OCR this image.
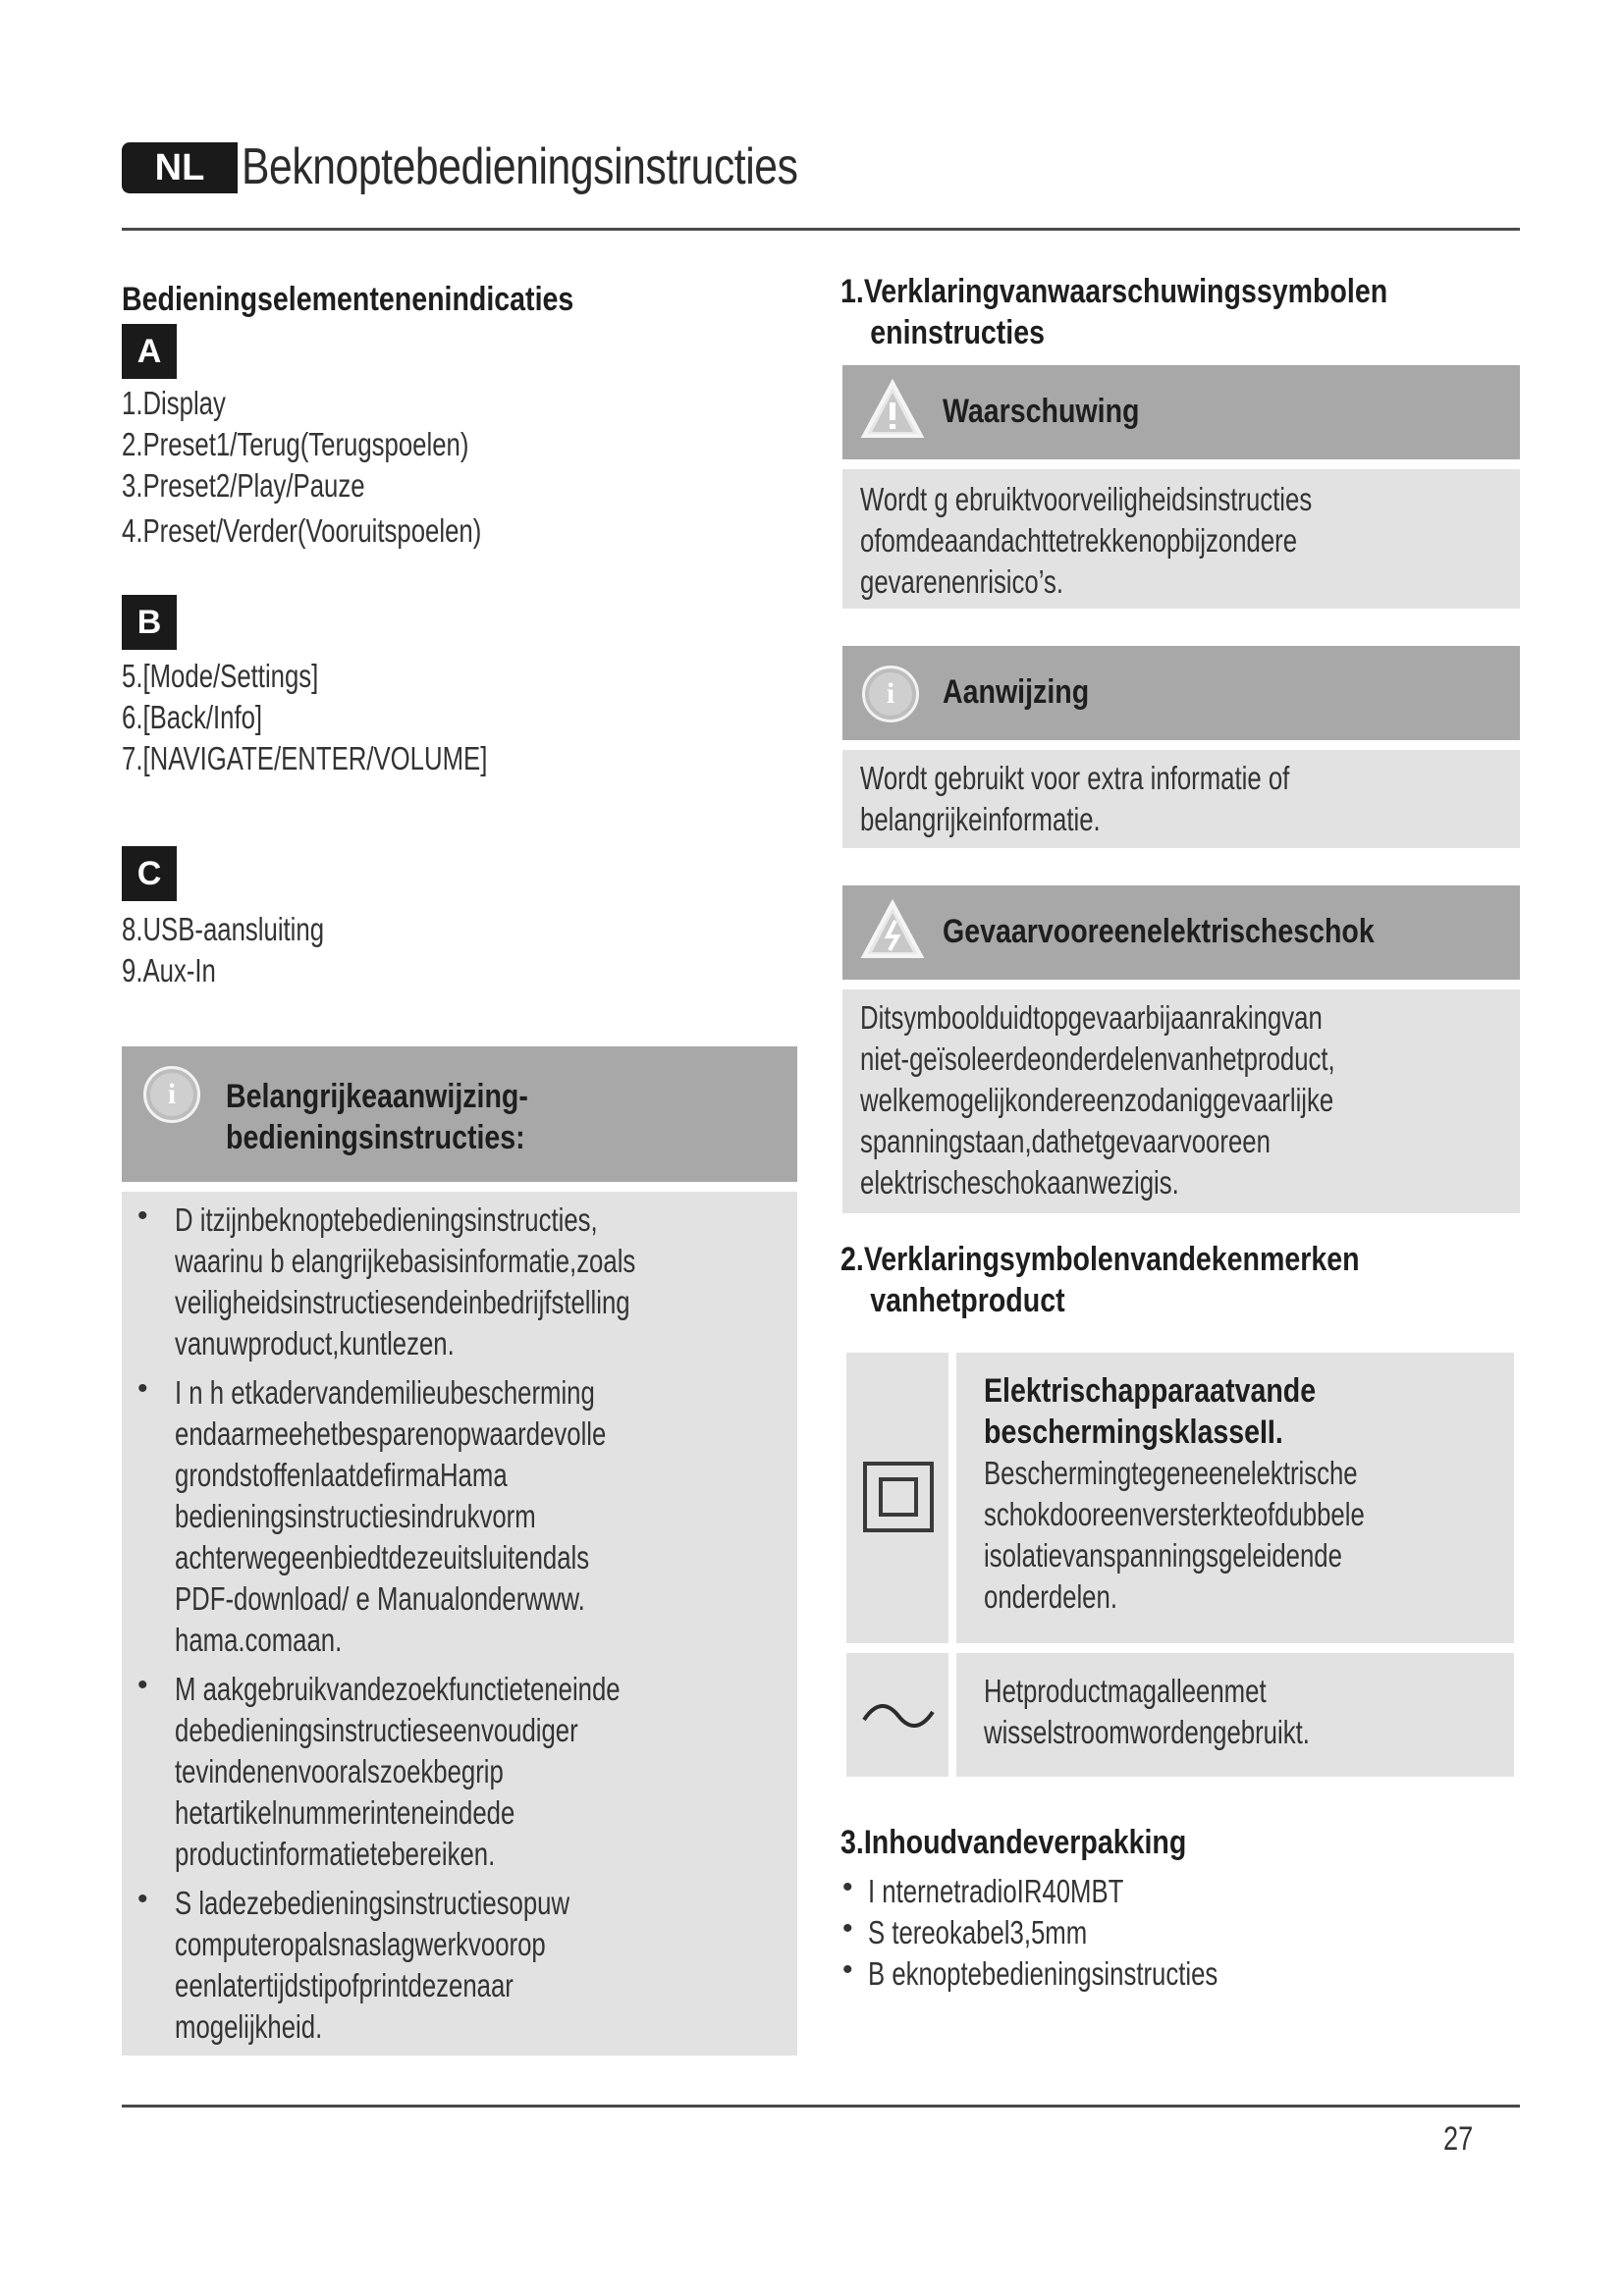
NL Beknoptebedieningsinstructies
Bedieningselementenenindicaties
A
1.Display
2.Preset1/Terug(Terugspoelen)
3.Preset2/Play/Pauze
4.Preset/Verder(Vooruitspoelen)
B
5.[Mode/Settings]
6.[Back/Info]
7.[NAVIGATE/ENTER/VOLUME]
C
8.USB-aansluiting
9.Aux-In
i	Belangrijkeaanwijzing-
bedieningsinstructies:
• D itzijnbeknoptebedieningsinstructies,
waarinu b elangrijkebasisinformatie,zoals
veiligheidsinstructiesendeinbedrijfstelling
vanuwproduct,kuntlezen.
• I n h etkadervandemilieubescherming
endaarmeehetbesparenopwaardevolle
grondstoffenlaatdefirmaHama
bedieningsinstructiesindrukvorm
achterwegeenbiedtdezeuitsluitendals
PDF-download/ e Manualonderwww.
hama.comaan.
• M aakgebruikvandezoekfunctieteneinde
debedieningsinstructieseenvoudiger
tevindenenvooralszoekbegrip
hetartikelnummerinteneindede
productinformatietebereiken.
• S ladezebedieningsinstructiesopuw
computeropalsnaslagwerkvoorop
eenlatertijdstipofprintdezenaar
mogelijkheid.
1.Verklaringvanwaarschuwingssymbolen
eninstructies
Waarschuwing
Wordt g ebruiktvoorveiligheidsinstructies
ofomdeaandachttetrekkenopbijzondere
gevarenenrisico’s.
i	Aanwijzing
Wordt gebruikt voor extra informatie of
belangrijkeinformatie.
Gevaarvooreenelektrischeschok
Ditsymboolduidtopgevaarbijaanrakingvan
niet-geïsoleerdeonderdelenvanhetproduct,
welkemogelijkondereenzodaniggevaarlijke
spanningstaan,dathetgevaarvooreen
elektrischeschokaanwezigis.
2.Verklaringsymbolenvandekenmerken
vanhetproduct
Elektrischapparaatvande
beschermingsklasseII.
Beschermingtegeneenelektrische
schokdooreenversterkteofdubbele
isolatievanspanningsgeleidende
onderdelen.
Hetproductmagalleenmet
wisselstroomwordengebruikt.
3.Inhoudvandeverpakking
• I nternetradioIR40MBT
• S tereokabel3,5mm
• B eknoptebedieningsinstructies
27
